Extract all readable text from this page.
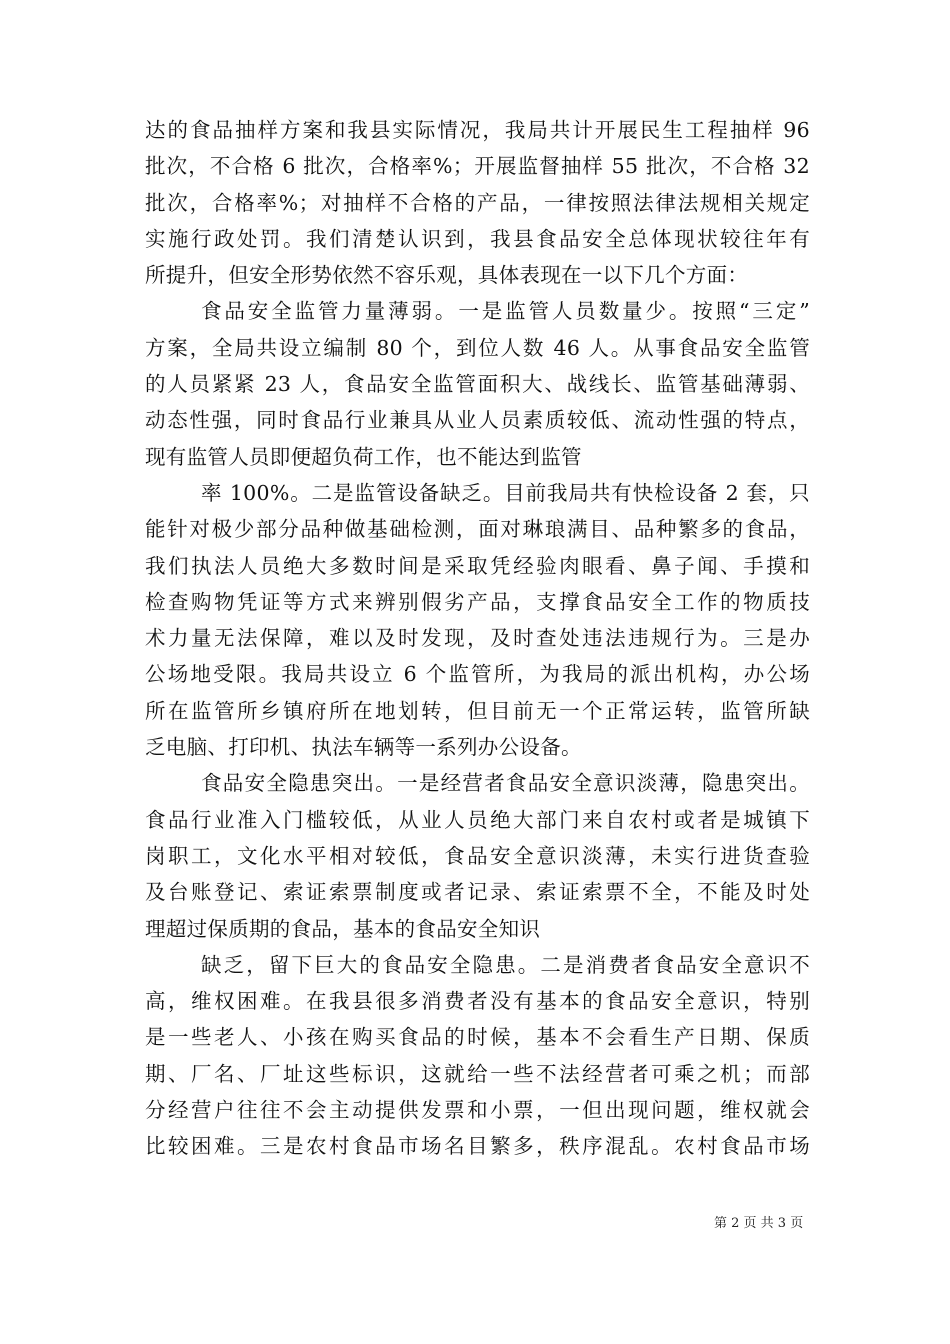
达的食品抽样方案和我县实际情况，我局共计开展民生工程抽样 96
批次，不合格 6 批次，合格率%；开展监督抽样 55 批次，不合格 32
批次，合格率%；对抽样不合格的产品，一律按照法律法规相关规定
实施行政处罚。我们清楚认识到，我县食品安全总体现状较往年有
所提升，但安全形势依然不容乐观，具体表现在一以下几个方面：
食品安全监管力量薄弱。一是监管人员数量少。按照“三定”
方案，全局共设立编制 80 个，到位人数 46 人。从事食品安全监管
的人员紧紧 23 人，食品安全监管面积大、战线长、监管基础薄弱、
动态性强，同时食品行业兼具从业人员素质较低、流动性强的特点，
现有监管人员即便超负荷工作，也不能达到监管
率 100%。二是监管设备缺乏。目前我局共有快检设备 2 套，只
能针对极少部分品种做基础检测，面对琳琅满目、品种繁多的食品，
我们执法人员绝大多数时间是采取凭经验肉眼看、鼻子闻、手摸和
检查购物凭证等方式来辨别假劣产品，支撑食品安全工作的物质技
术力量无法保障，难以及时发现，及时查处违法违规行为。三是办
公场地受限。我局共设立 6 个监管所，为我局的派出机构，办公场
所在监管所乡镇府所在地划转，但目前无一个正常运转，监管所缺
乏电脑、打印机、执法车辆等一系列办公设备。
食品安全隐患突出。一是经营者食品安全意识淡薄，隐患突出。
食品行业准入门槛较低，从业人员绝大部门来自农村或者是城镇下
岗职工，文化水平相对较低，食品安全意识淡薄，未实行进货查验
及台账登记、索证索票制度或者记录、索证索票不全，不能及时处
理超过保质期的食品，基本的食品安全知识
缺乏，留下巨大的食品安全隐患。二是消费者食品安全意识不
高，维权困难。在我县很多消费者没有基本的食品安全意识，特别
是一些老人、小孩在购买食品的时候，基本不会看生产日期、保质
期、厂名、厂址这些标识，这就给一些不法经营者可乘之机；而部
分经营户往往不会主动提供发票和小票，一但出现问题，维权就会
比较困难。三是农村食品市场名目繁多，秩序混乱。农村食品市场
第 2 页 共 3 页
